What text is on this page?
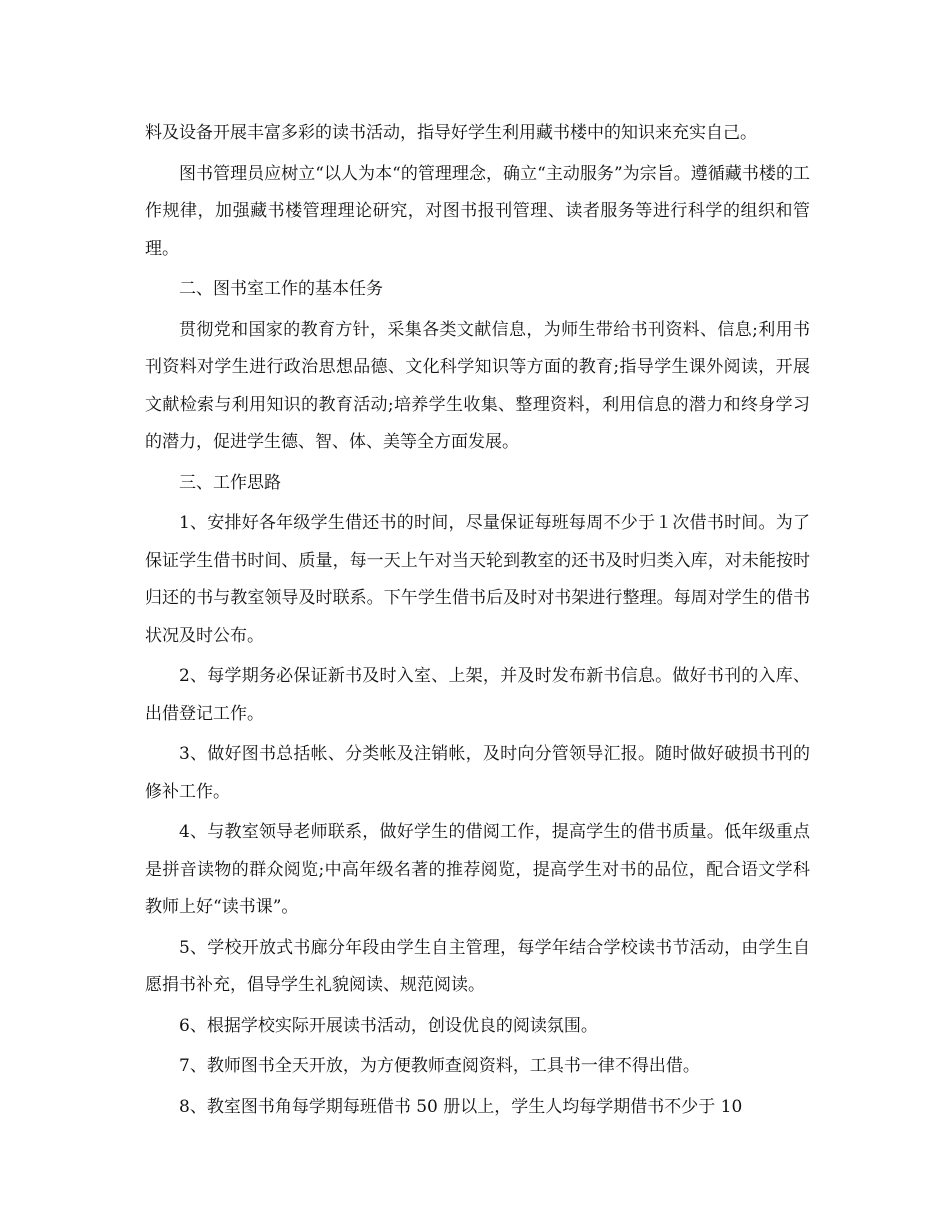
料及设备开展丰富多彩的读书活动，指导好学生利用藏书楼中的知识来充实自己。

图书管理员应树立“以人为本“的管理理念，确立“主动服务”为宗旨。遵循藏书楼的工作规律，加强藏书楼管理理论研究，对图书报刊管理、读者服务等进行科学的组织和管理。

二、图书室工作的基本任务

贯彻党和国家的教育方针，采集各类文献信息，为师生带给书刊资料、信息;利用书刊资料对学生进行政治思想品德、文化科学知识等方面的教育;指导学生课外阅读，开展文献检索与利用知识的教育活动;培养学生收集、整理资料，利用信息的潜力和终身学习的潜力，促进学生德、智、体、美等全方面发展。

三、工作思路

1、安排好各年级学生借还书的时间，尽量保证每班每周不少于１次借书时间。为了保证学生借书时间、质量，每一天上午对当天轮到教室的还书及时归类入库，对未能按时归还的书与教室领导及时联系。下午学生借书后及时对书架进行整理。每周对学生的借书状况及时公布。

2、每学期务必保证新书及时入室、上架，并及时发布新书信息。做好书刊的入库、出借登记工作。

3、做好图书总括帐、分类帐及注销帐，及时向分管领导汇报。随时做好破损书刊的修补工作。

4、与教室领导老师联系，做好学生的借阅工作，提高学生的借书质量。低年级重点是拼音读物的群众阅览;中高年级名著的推荐阅览，提高学生对书的品位，配合语文学科教师上好“读书课”。

5、学校开放式书廊分年段由学生自主管理，每学年结合学校读书节活动，由学生自愿捐书补充，倡导学生礼貌阅读、规范阅读。

6、根据学校实际开展读书活动，创设优良的阅读氛围。

7、教师图书全天开放，为方便教师查阅资料，工具书一律不得出借。

8、教室图书角每学期每班借书 50 册以上，学生人均每学期借书不少于 10
